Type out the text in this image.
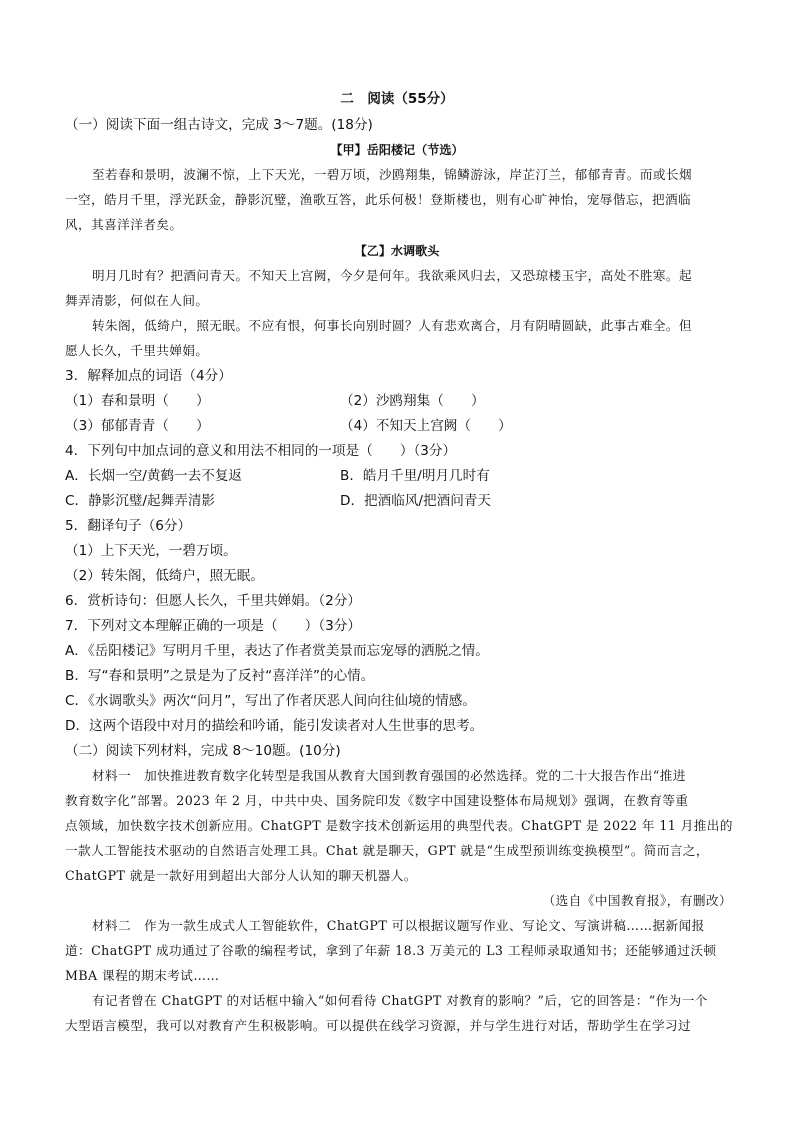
二　阅读（55分）
（一）阅读下面一组古诗文，完成 3～7题。(18分)
【甲】岳阳楼记（节选）
至若春和景明，波澜不惊，上下天光，一碧万顷，沙鸥翔集，锦鳞游泳，岸芷汀兰，郁郁青青。而或长烟
一空，皓月千里，浮光跃金，静影沉璧，渔歌互答，此乐何极！登斯楼也，则有心旷神怡，宠辱偕忘，把酒临
风，其喜洋洋者矣。
【乙】水调歌头
明月几时有？把酒问青天。不知天上宫阙，今夕是何年。我欲乘风归去，又恐琼楼玉宇，高处不胜寒。起
舞弄清影，何似在人间。
转朱阁，低绮户，照无眠。不应有恨，何事长向别时圆？人有悲欢离合，月有阴晴圆缺，此事古难全。但
愿人长久，千里共婵娟。
3．解释加点的词语（4分）
（1）春和景明（　　）	（2）沙鸥翔集（　　）
（3）郁郁青青（　　）	（4）不知天上宫阙（　　）
4．下列句中加点词的意义和用法不相同的一项是（　　）（3分）
A．长烟一空/黄鹤一去不复返	B．皓月千里/明月几时有
C．静影沉璧/起舞弄清影	D．把酒临风/把酒问青天
5．翻译句子（6分）
（1）上下天光，一碧万顷。
（2）转朱阁，低绮户，照无眠。
6．赏析诗句：但愿人长久，千里共婵娟。（2分）
7．下列对文本理解正确的一项是（　　）（3分）
A．《岳阳楼记》写明月千里，表达了作者赏美景而忘宠辱的洒脱之情。
B．写“春和景明”之景是为了反衬“喜洋洋”的心情。
C．《水调歌头》两次“问月”，写出了作者厌恶人间向往仙境的情感。
D．这两个语段中对月的描绘和吟诵，能引发读者对人生世事的思考。
（二）阅读下列材料，完成 8～10题。(10分)
材料一　加快推进教育数字化转型是我国从教育大国到教育强国的必然选择。党的二十大报告作出“推进
教育数字化”部署。2023 年 2 月，中共中央、国务院印发《数字中国建设整体布局规划》强调，在教育等重
点领域，加快数字技术创新应用。ChatGPT 是数字技术创新运用的典型代表。ChatGPT 是 2022 年 11 月推出的
一款人工智能技术驱动的自然语言处理工具。Chat 就是聊天，GPT 就是“生成型预训练变换模型”。简而言之，
ChatGPT 就是一款好用到超出大部分人认知的聊天机器人。
（选自《中国教育报》，有删改）
材料二　作为一款生成式人工智能软件，ChatGPT 可以根据议题写作业、写论文、写演讲稿……据新闻报
道：ChatGPT 成功通过了谷歌的编程考试，拿到了年薪 18.3 万美元的 L3 工程师录取通知书；还能够通过沃顿
MBA 课程的期末考试……
有记者曾在 ChatGPT 的对话框中输入“如何看待 ChatGPT 对教育的影响？”后，它的回答是：“作为一个
大型语言模型，我可以对教育产生积极影响。可以提供在线学习资源，并与学生进行对话，帮助学生在学习过
